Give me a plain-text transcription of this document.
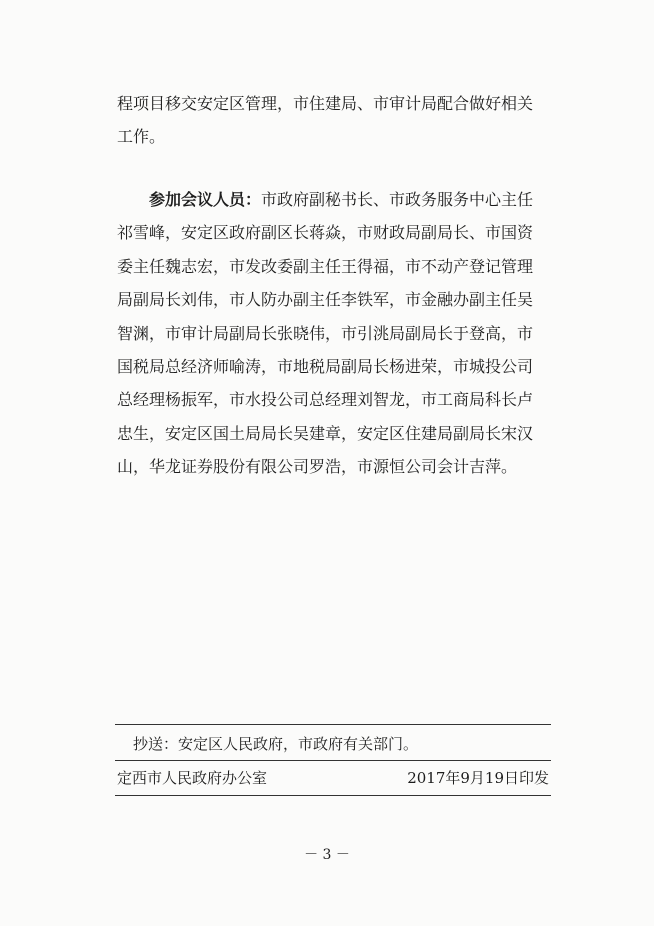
程项目移交安定区管理，市住建局、市审计局配合做好相关
工作。
参加会议人员：市政府副秘书长、市政务服务中心主任
祁雪峰，安定区政府副区长蒋焱，市财政局副局长、市国资
委主任魏志宏，市发改委副主任王得福，市不动产登记管理
局副局长刘伟，市人防办副主任李铁军，市金融办副主任吴
智渊，市审计局副局长张晓伟，市引洮局副局长于登高，市
国税局总经济师喻涛，市地税局副局长杨进荣，市城投公司
总经理杨振军，市水投公司总经理刘智龙，市工商局科长卢
忠生，安定区国土局局长吴建章，安定区住建局副局长宋汉
山，华龙证券股份有限公司罗浩，市源恒公司会计吉萍。
抄送：安定区人民政府，市政府有关部门。
定西市人民政府办公室	2017年9月19日印发
－ 3 －
